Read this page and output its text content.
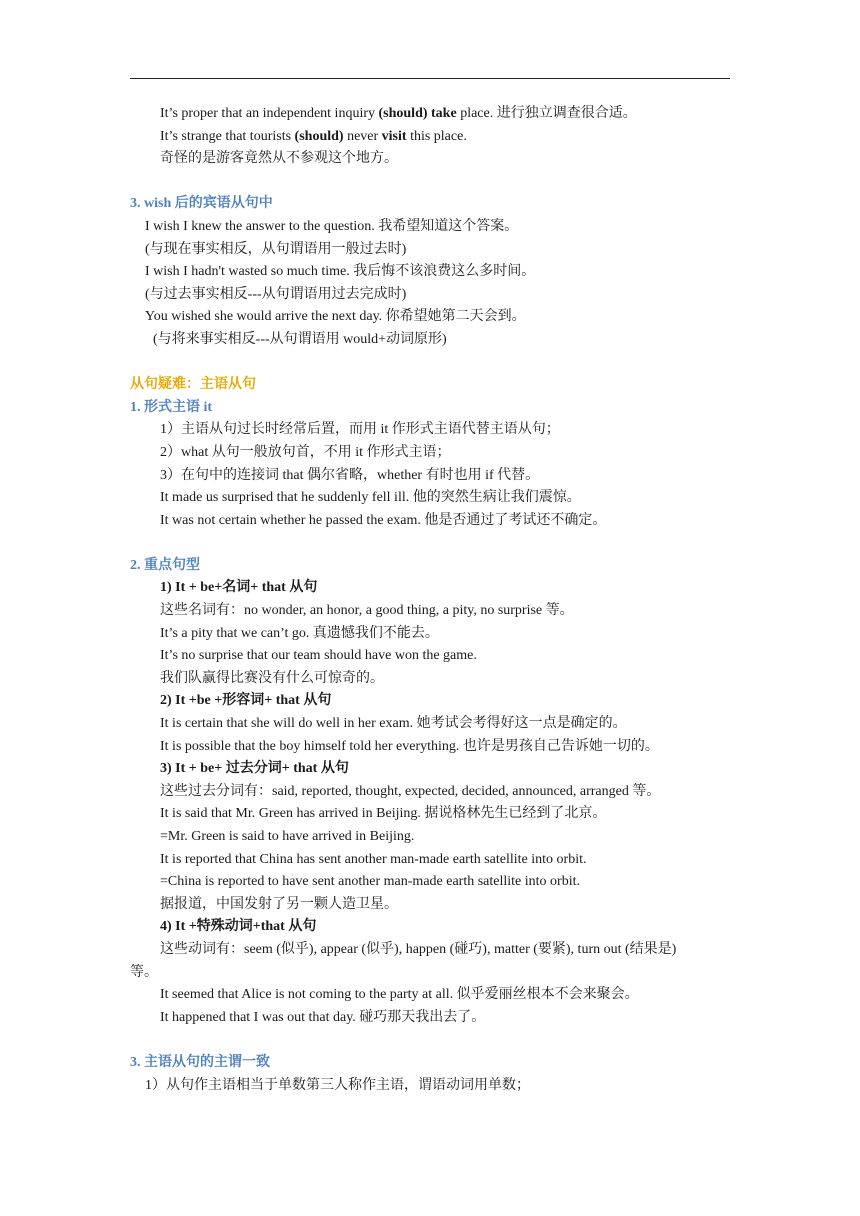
It’s proper that an independent inquiry (should) take place. 进行独立调查很合适。
It’s strange that tourists (should) never visit this place.
奇怪的是游客竟然从不参观这个地方。
3. wish 后的宾语从句中
I wish I knew the answer to the question. 我希望知道这个答案。
(与现在事实相反，从句谓语用一般过去时)
I wish I hadn't wasted so much time. 我后悔不该浪费这么多时间。
(与过去事实相反---从句谓语用过去完成时)
You wished she would arrive the next day. 你希望她第二天会到。
(与将来事实相反---从句谓语用 would+动词原形)
从句疑难：主语从句
1. 形式主语 it
1）主语从句过长时经常后置，而用 it 作形式主语代替主语从句；
2）what 从句一般放句首，不用 it 作形式主语；
3）在句中的连接词 that 偶尔省略，whether 有时也用 if 代替。
It made us surprised that he suddenly fell ill. 他的突然生病让我们震惊。
It was not certain whether he passed the exam. 他是否通过了考试还不确定。
2. 重点句型
1) It + be+名词+ that 从句
这些名词有：no wonder, an honor, a good thing, a pity, no surprise 等。
It’s a pity that we can’t go. 真遗憾我们不能去。
It’s no surprise that our team should have won the game.
我们队赢得比赛没有什么可惊奇的。
2) It +be +形容词+ that 从句
It is certain that she will do well in her exam. 她考试会考得好这一点是确定的。
It is possible that the boy himself told her everything. 也许是男孩自己告诉她一切的。
3) It + be+ 过去分词+ that 从句
这些过去分词有：said, reported, thought, expected, decided, announced, arranged 等。
It is said that Mr. Green has arrived in Beijing. 据说格林先生已经到了北京。
=Mr. Green is said to have arrived in Beijing.
It is reported that China has sent another man-made earth satellite into orbit.
=China is reported to have sent another man-made earth satellite into orbit.
据报道，中国发射了另一颗人造卫星。
4) It +特殊动词+that 从句
这些动词有：seem (似乎), appear (似乎), happen (碰巧), matter (要紧), turn out (结果是)
等。
It seemed that Alice is not coming to the party at all. 似乎爱丽丝根本不会来聚会。
It happened that I was out that day. 碰巧那天我出去了。
3. 主语从句的主谓一致
1）从句作主语相当于单数第三人称作主语，谓语动词用单数；
